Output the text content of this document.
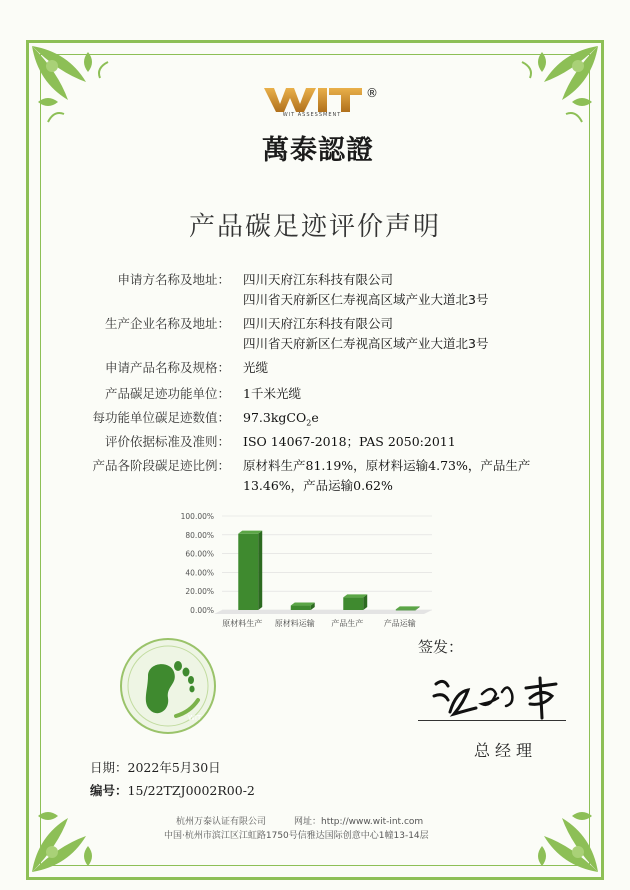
®
WIT ASSESSMENT
萬泰認證
产品碳足迹评价声明
申请方名称及地址： 四川天府江东科技有限公司
四川省天府新区仁寿视高区域产业大道北3号
生产企业名称及地址： 四川天府江东科技有限公司
四川省天府新区仁寿视高区域产业大道北3号
申请产品名称及规格： 光缆
产品碳足迹功能单位： 1千米光缆
每功能单位碳足迹数值： 97.3kgCO$_2$e
评价依据标准及准则： ISO 14067-2018；PAS 2050:2011
产品各阶段碳足迹比例： 原材料生产81.19%，原材料运输4.73%，产品生产
13.46%，产品运输0.62%
100.00%
80.00%
60.00%
40.00%
20.00%
0.00%
原材料生产 原材料运输 产品生产	产品运输
WIT
签发：
总经理
日期：2022年5月30日
编号：15/22TZJ0002R00-2
杭州万泰认证有限公司	网址：http://www.wit-int.com
中国·杭州市滨江区江虹路1750号信雅达国际创意中心1幢13-14层
